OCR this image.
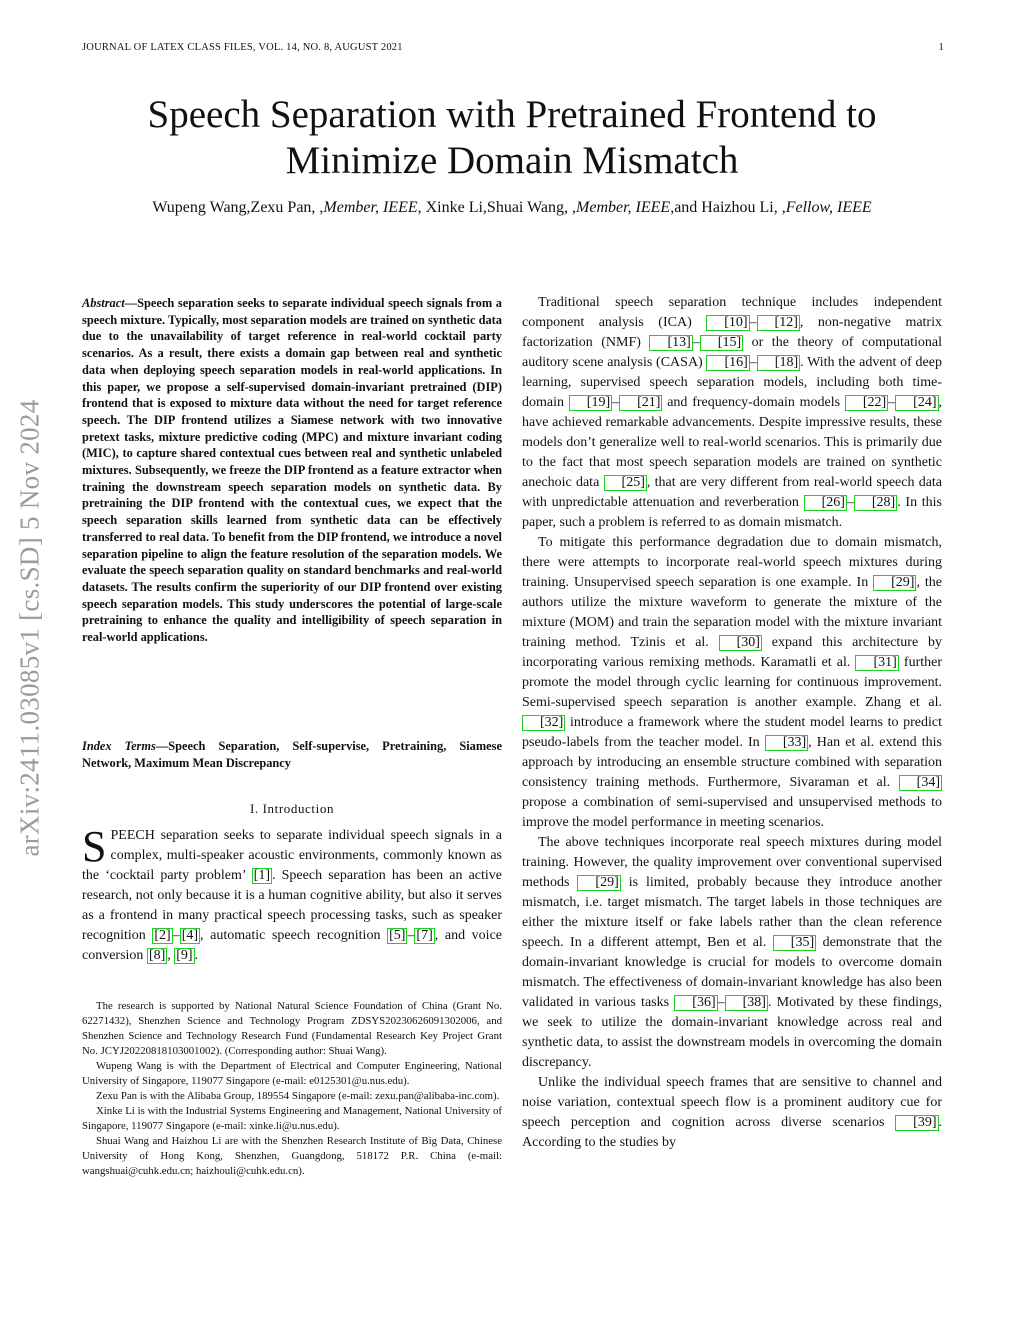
JOURNAL OF LATEX CLASS FILES, VOL. 14, NO. 8, AUGUST 2021	1
arXiv:2411.03085v1 [cs.SD] 5 Nov 2024
Speech Separation with Pretrained Frontend to
Minimize Domain Mismatch
Wupeng Wang,Zexu Pan, ,Member, IEEE, Xinke Li,Shuai Wang, ,Member, IEEE,and Haizhou Li, ,Fellow, IEEE
Abstract—Speech separation seeks to separate individual speech signals from a speech mixture. Typically, most separation models are trained on synthetic data due to the unavailability of target reference in real-world cocktail party scenarios. As a result, there exists a domain gap between real and synthetic data when deploying speech separation models in real-world applications. In this paper, we propose a self-supervised domain-invariant pretrained (DIP) frontend that is exposed to mixture data without the need for target reference speech. The DIP frontend utilizes a Siamese network with two innovative pretext tasks, mixture predictive coding (MPC) and mixture invariant coding (MIC), to capture shared contextual cues between real and synthetic unlabeled mixtures. Subsequently, we freeze the DIP frontend as a feature extractor when training the downstream speech separation models on synthetic data. By pretraining the DIP frontend with the contextual cues, we expect that the speech separation skills learned from synthetic data can be effectively transferred to real data. To benefit from the DIP frontend, we introduce a novel separation pipeline to align the feature resolution of the separation models. We evaluate the speech separation quality on standard benchmarks and real-world datasets. The results confirm the superiority of our DIP frontend over existing speech separation models. This study underscores the potential of large-scale pretraining to enhance the quality and intelligibility of speech separation in real-world applications.
Index Terms—Speech Separation, Self-supervise, Pretraining, Siamese Network, Maximum Mean Discrepancy
I. Introduction
SPEECH separation seeks to separate individual speech signals in a complex, multi-speaker acoustic environments, commonly known as the ‘cocktail party problem’ [1] . Speech separation has been an active research, not only because it is a human cognitive ability, but also it serves as a frontend in many practical speech processing tasks, such as speaker recognition [2] – [4] , automatic speech recognition [5] – [7] , and voice conversion [8] , [9] .

The research is supported by National Natural Science Foundation of China (Grant No. 62271432), Shenzhen Science and Technology Program ZDSYS20230626091302006, and Shenzhen Science and Technology Research Fund (Fundamental Research Key Project Grant No. JCYJ20220818103001002). (Corresponding author: Shuai Wang).

Wupeng Wang is with the Department of Electrical and Computer Engineering, National University of Singapore, 119077 Singapore (e-mail: e0125301@u.nus.edu).

Zexu Pan is with the Alibaba Group, 189554 Singapore (e-mail: zexu.pan@alibaba-inc.com).

Xinke Li is with the Industrial Systems Engineering and Management, National University of Singapore, 119077 Singapore (e-mail: xinke.li@u.nus.edu).

Shuai Wang and Haizhou Li are with the Shenzhen Research Institute of Big Data, Chinese University of Hong Kong, Shenzhen, Guangdong, 518172 P.R. China (e-mail: wangshuai@cuhk.edu.cn; haizhouli@cuhk.edu.cn).

Traditional speech separation technique includes independent component analysis (ICA) [10] – [12] , non-negative matrix factorization (NMF) [13] – [15] or the theory of computational auditory scene analysis (CASA) [16] – [18] . With the advent of deep learning, supervised speech separation models, including both time-domain [19] – [21] and frequency-domain models [22] – [24] , have achieved remarkable advancements. Despite impressive results, these models don’t generalize well to real-world scenarios. This is primarily due to the fact that most speech separation models are trained on synthetic anechoic data [25] , that are very different from real-world speech data with unpredictable attenuation and reverberation [26] – [28] . In this paper, such a problem is referred to as domain mismatch.

To mitigate this performance degradation due to domain mismatch, there were attempts to incorporate real-world speech mixtures during training. Unsupervised speech separation is one example. In [29] , the authors utilize the mixture waveform to generate the mixture of the mixture (MOM) and train the separation model with the mixture invariant training method. Tzinis et al. [30] expand this architecture by incorporating various remixing methods. Karamatli et al. [31] further promote the model through cyclic learning for continuous improvement. Semi-supervised speech separation is another example. Zhang et al. [32] introduce a framework where the student model learns to predict pseudo-labels from the teacher model. In [33] , Han et al. extend this approach by introducing an ensemble structure combined with separation consistency training methods. Furthermore, Sivaraman et al. [34] propose a combination of semi-supervised and unsupervised methods to improve the model performance in meeting scenarios.

The above techniques incorporate real speech mixtures during model training. However, the quality improvement over conventional supervised methods [29] is limited, probably because they introduce another mismatch, i.e. target mismatch. The target labels in those techniques are either the mixture itself or fake labels rather than the clean reference speech. In a different attempt, Ben et al. [35] demonstrate that the domain-invariant knowledge is crucial for models to overcome domain mismatch. The effectiveness of domain-invariant knowledge has also been validated in various tasks [36] – [38] . Motivated by these findings, we seek to utilize the domain-invariant knowledge across real and synthetic data, to assist the downstream models in overcoming the domain discrepancy.

Unlike the individual speech frames that are sensitive to channel and noise variation, contextual speech flow is a prominent auditory cue for speech perception and cognition across diverse scenarios [39] . According to the studies by
